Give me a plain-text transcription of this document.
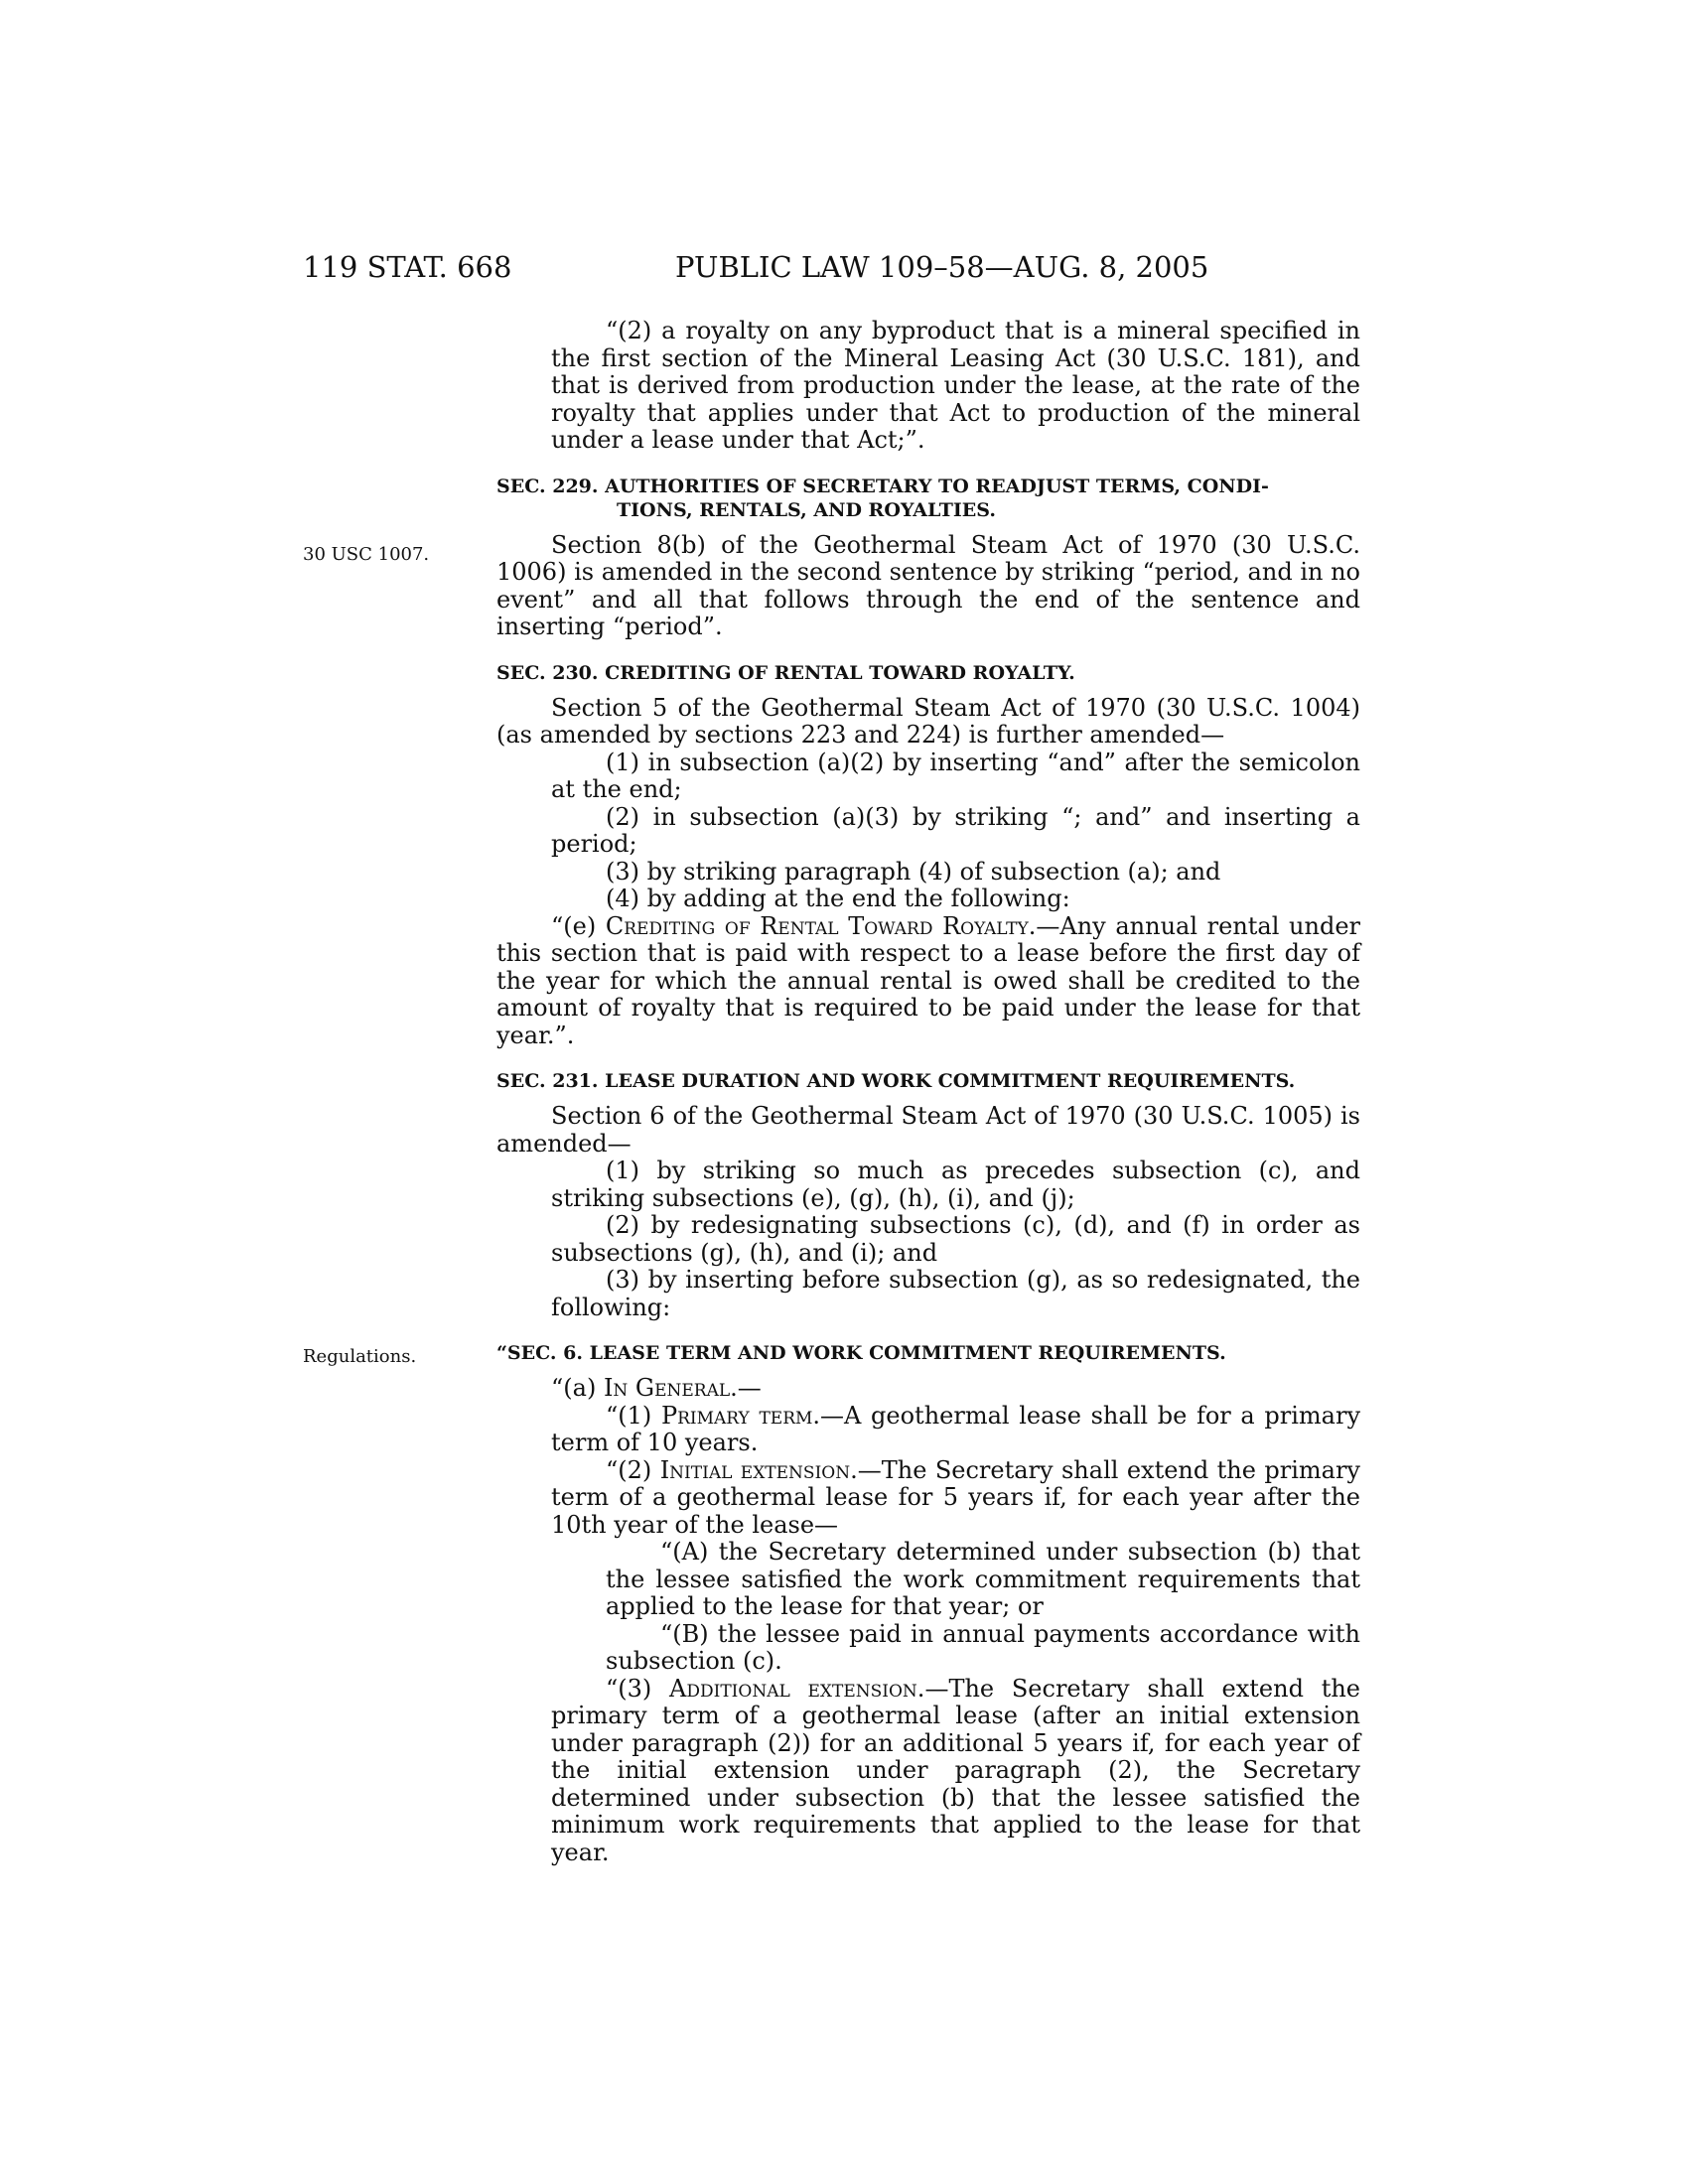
119 STAT. 668	PUBLIC LAW 109–58—AUG. 8, 2005
30 USC 1007.
Regulations.

“(2) a royalty on any byproduct that is a mineral specified in the first section of the Mineral Leasing Act (30 U.S.C. 181), and that is derived from production under the lease, at the rate of the royalty that applies under that Act to production of the mineral under a lease under that Act;”.

SEC. 229. AUTHORITIES OF SECRETARY TO READJUST TERMS, CONDI-
TIONS, RENTALS, AND ROYALTIES.

Section 8(b) of the Geothermal Steam Act of 1970 (30 U.S.C. 1006) is amended in the second sentence by striking “period, and in no event” and all that follows through the end of the sentence and inserting “period”.

SEC. 230. CREDITING OF RENTAL TOWARD ROYALTY.

Section 5 of the Geothermal Steam Act of 1970 (30 U.S.C. 1004) (as amended by sections 223 and 224) is further amended—

(1) in subsection (a)(2) by inserting “and” after the semicolon at the end;

(2) in subsection (a)(3) by striking “; and” and inserting a period;

(3) by striking paragraph (4) of subsection (a); and

(4) by adding at the end the following:

“(e) Crediting of Rental Toward Royalty.—Any annual rental under this section that is paid with respect to a lease before the first day of the year for which the annual rental is owed shall be credited to the amount of royalty that is required to be paid under the lease for that year.”.

SEC. 231. LEASE DURATION AND WORK COMMITMENT REQUIREMENTS.

Section 6 of the Geothermal Steam Act of 1970 (30 U.S.C. 1005) is amended—

(1) by striking so much as precedes subsection (c), and striking subsections (e), (g), (h), (i), and (j);

(2) by redesignating subsections (c), (d), and (f) in order as subsections (g), (h), and (i); and

(3) by inserting before subsection (g), as so redesignated, the following:

“SEC. 6. LEASE TERM AND WORK COMMITMENT REQUIREMENTS.

“(a) In General.—

“(1) Primary term.—A geothermal lease shall be for a primary term of 10 years.

“(2) Initial extension.—The Secretary shall extend the primary term of a geothermal lease for 5 years if, for each year after the 10th year of the lease—

“(A) the Secretary determined under subsection (b) that the lessee satisfied the work commitment requirements that applied to the lease for that year; or

“(B) the lessee paid in annual payments accordance with subsection (c).

“(3) Additional extension.—The Secretary shall extend the primary term of a geothermal lease (after an initial extension under paragraph (2)) for an additional 5 years if, for each year of the initial extension under paragraph (2), the Secretary determined under subsection (b) that the lessee satisfied the minimum work requirements that applied to the lease for that year.
